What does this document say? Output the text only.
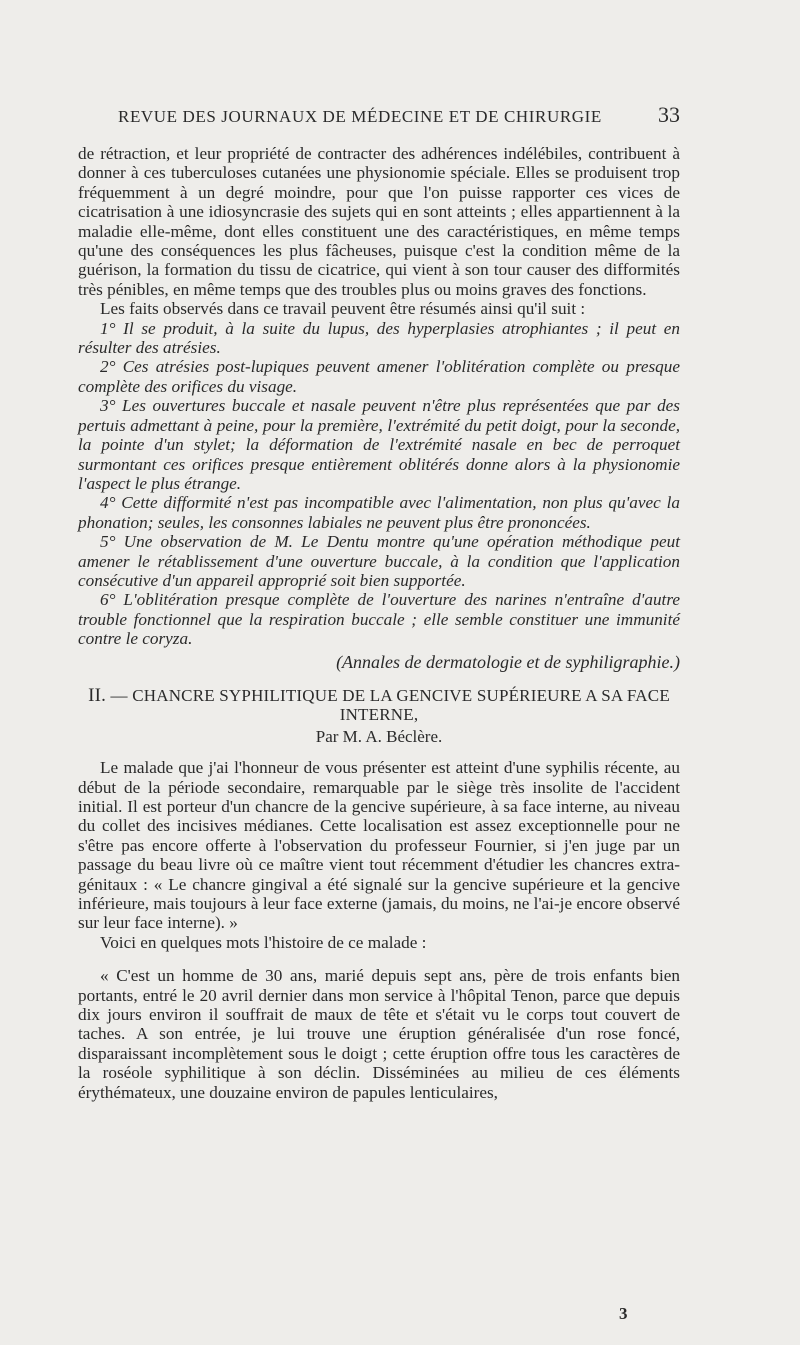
REVUE DES JOURNAUX DE MÉDECINE ET DE CHIRURGIE	33

de rétraction, et leur propriété de contracter des adhérences indélébiles, contribuent à donner à ces tuberculoses cutanées une physionomie spéciale. Elles se produisent trop fréquemment à un degré moindre, pour que l'on puisse rapporter ces vices de cicatrisation à une idiosyncrasie des sujets qui en sont atteints ; elles appartiennent à la maladie elle-même, dont elles constituent une des caractéristiques, en même temps qu'une des conséquences les plus fâcheuses, puisque c'est la condition même de la guérison, la formation du tissu de cicatrice, qui vient à son tour causer des difformités très pénibles, en même temps que des troubles plus ou moins graves des fonctions.

Les faits observés dans ce travail peuvent être résumés ainsi qu'il suit :

1° Il se produit, à la suite du lupus, des hyperplasies atrophiantes ; il peut en résulter des atrésies.

2° Ces atrésies post-lupiques peuvent amener l'oblitération complète ou presque complète des orifices du visage.

3° Les ouvertures buccale et nasale peuvent n'être plus représentées que par des pertuis admettant à peine, pour la première, l'extrémité du petit doigt, pour la seconde, la pointe d'un stylet; la déformation de l'extrémité nasale en bec de perroquet surmontant ces orifices presque entièrement oblitérés donne alors à la physionomie l'aspect le plus étrange.

4° Cette difformité n'est pas incompatible avec l'alimentation, non plus qu'avec la phonation; seules, les consonnes labiales ne peuvent plus être prononcées.

5° Une observation de M. Le Dentu montre qu'une opération méthodique peut amener le rétablissement d'une ouverture buccale, à la condition que l'application consécutive d'un appareil approprié soit bien supportée.

6° L'oblitération presque complète de l'ouverture des narines n'entraîne d'autre trouble fonctionnel que la respiration buccale ; elle semble constituer une immunité contre le coryza.

(Annales de dermatologie et de syphiligraphie.)

II. — CHANCRE SYPHILITIQUE DE LA GENCIVE SUPÉRIEURE A SA FACE INTERNE,

Par M. A. Béclère.

Le malade que j'ai l'honneur de vous présenter est atteint d'une syphilis récente, au début de la période secondaire, remarquable par le siège très insolite de l'accident initial. Il est porteur d'un chancre de la gencive supérieure, à sa face interne, au niveau du collet des incisives médianes. Cette localisation est assez exceptionnelle pour ne s'être pas encore offerte à l'observation du professeur Fournier, si j'en juge par un passage du beau livre où ce maître vient tout récemment d'étudier les chancres extra-génitaux : « Le chancre gingival a été signalé sur la gencive supérieure et la gencive inférieure, mais toujours à leur face externe (jamais, du moins, ne l'ai-je encore observé sur leur face interne). »

Voici en quelques mots l'histoire de ce malade :

« C'est un homme de 30 ans, marié depuis sept ans, père de trois enfants bien portants, entré le 20 avril dernier dans mon service à l'hôpital Tenon, parce que depuis dix jours environ il souffrait de maux de tête et s'était vu le corps tout couvert de taches. A son entrée, je lui trouve une éruption généralisée d'un rose foncé, disparaissant incomplètement sous le doigt ; cette éruption offre tous les caractères de la roséole syphilitique à son déclin. Disséminées au milieu de ces éléments érythémateux, une douzaine environ de papules lenticulaires,

3
